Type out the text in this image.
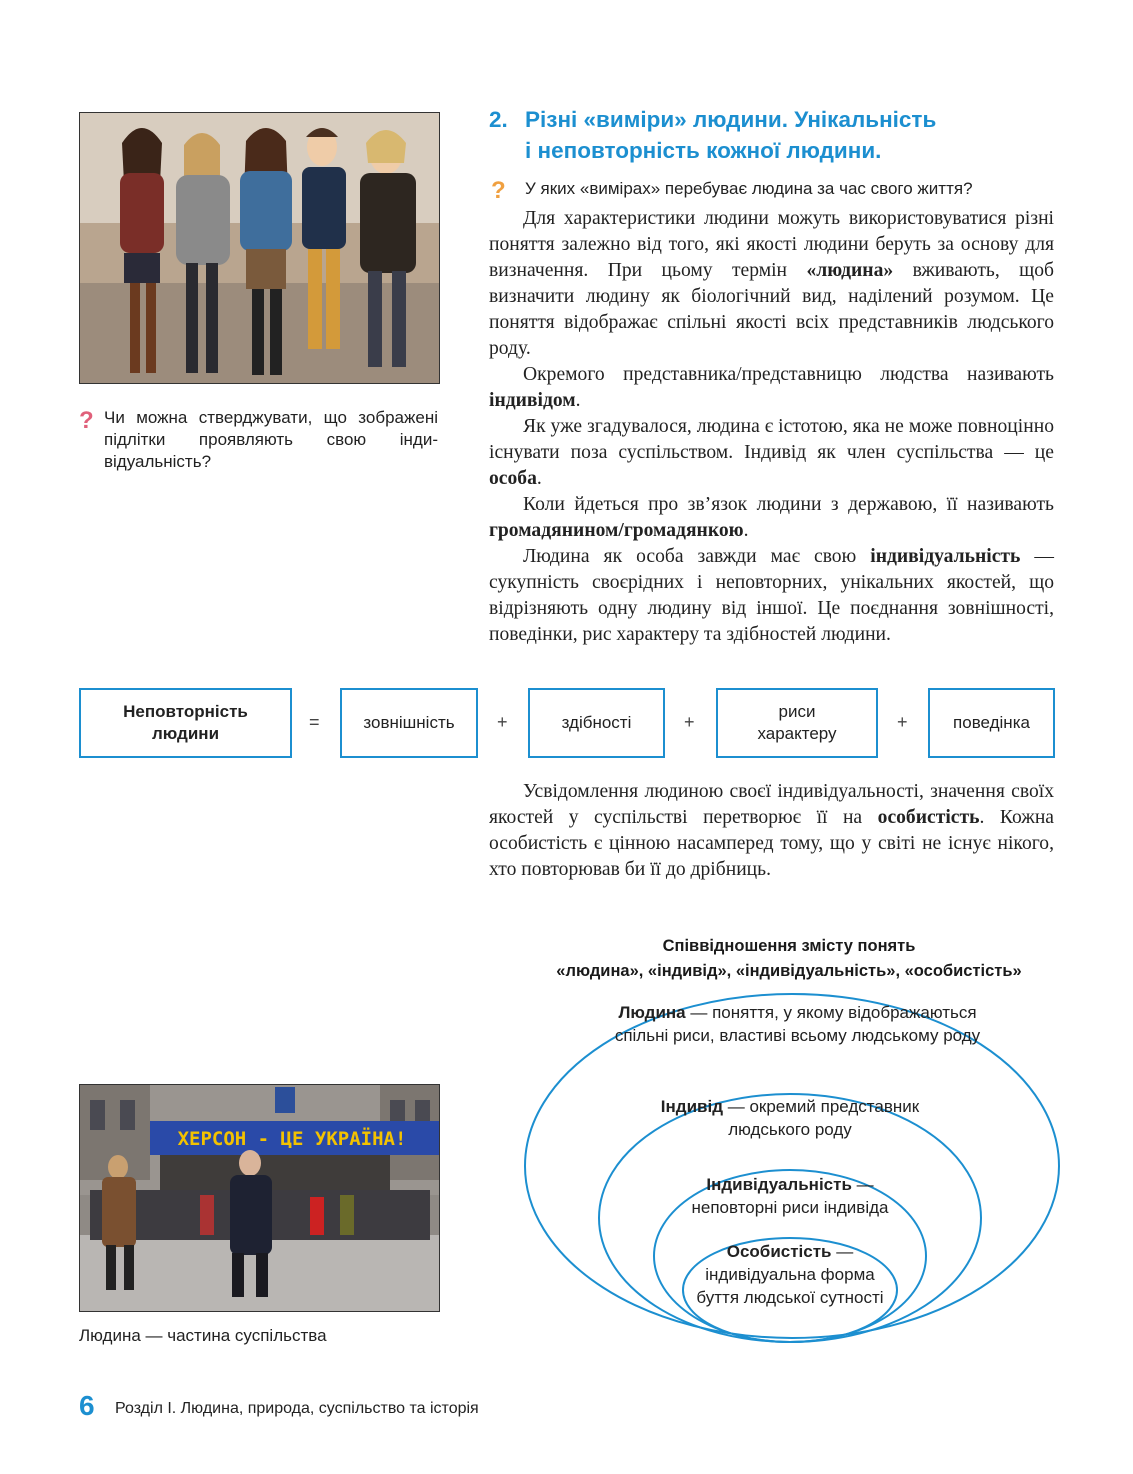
? Чи можна стверджувати, що зображені підлітки проявляють свою індивідуальність?
2. Різні «виміри» людини. Унікальність
і неповторність кожної людини.
? У яких «вимірах» перебуває людина за час свого життя?

Для характеристики людини можуть використовуватися різні поняття залежно від того, які якості людини беруть за основу для визначення. При цьому термін «людина» вживають, щоб визначити людину як біологічний вид, наділений розумом. Це поняття відображає спільні якості всіх представників людського роду.

Окремого представника/представницю людства називають індивідом.

Як уже згадувалося, людина є істотою, яка не може повноцінно існувати поза суспільством. Індивід як член суспільства — це особа.

Коли йдеться про зв’язок людини з державою, її називають громадянином/громадянкою.

Людина як особа завжди має свою індивідуальність — сукупність своєрідних і неповторних, унікальних якостей, що відрізняють одну людину від іншої. Це поєднання зовнішності, поведінки, рис характеру та здібностей людини.

Неповторність людини
=	зовнішність +	здібності	+
риси характеру
+	поведінка

Усвідомлення людиною своєї індивідуальності, значення своїх якостей у суспільстві перетворює її на особистість. Кожна особистість є цінною насамперед тому, що у світі не існує нікого, хто повторював би її до дрібниць.

Співвідношення змісту понять
«людина», «індивід», «індивідуальність», «особистість»
Людина — поняття, у якому відображаються спільні риси, властиві всьому людському роду
Індивід — окремий представник людського роду
Індивідуальність — неповторні риси індивіда
Особистість — індивідуальна форма буття людської сутності
ХЕРСОН - ЦЕ УКРАЇНА!
Людина — частина суспільства
6 Розділ І. Людина, природа, суспільство та історія
